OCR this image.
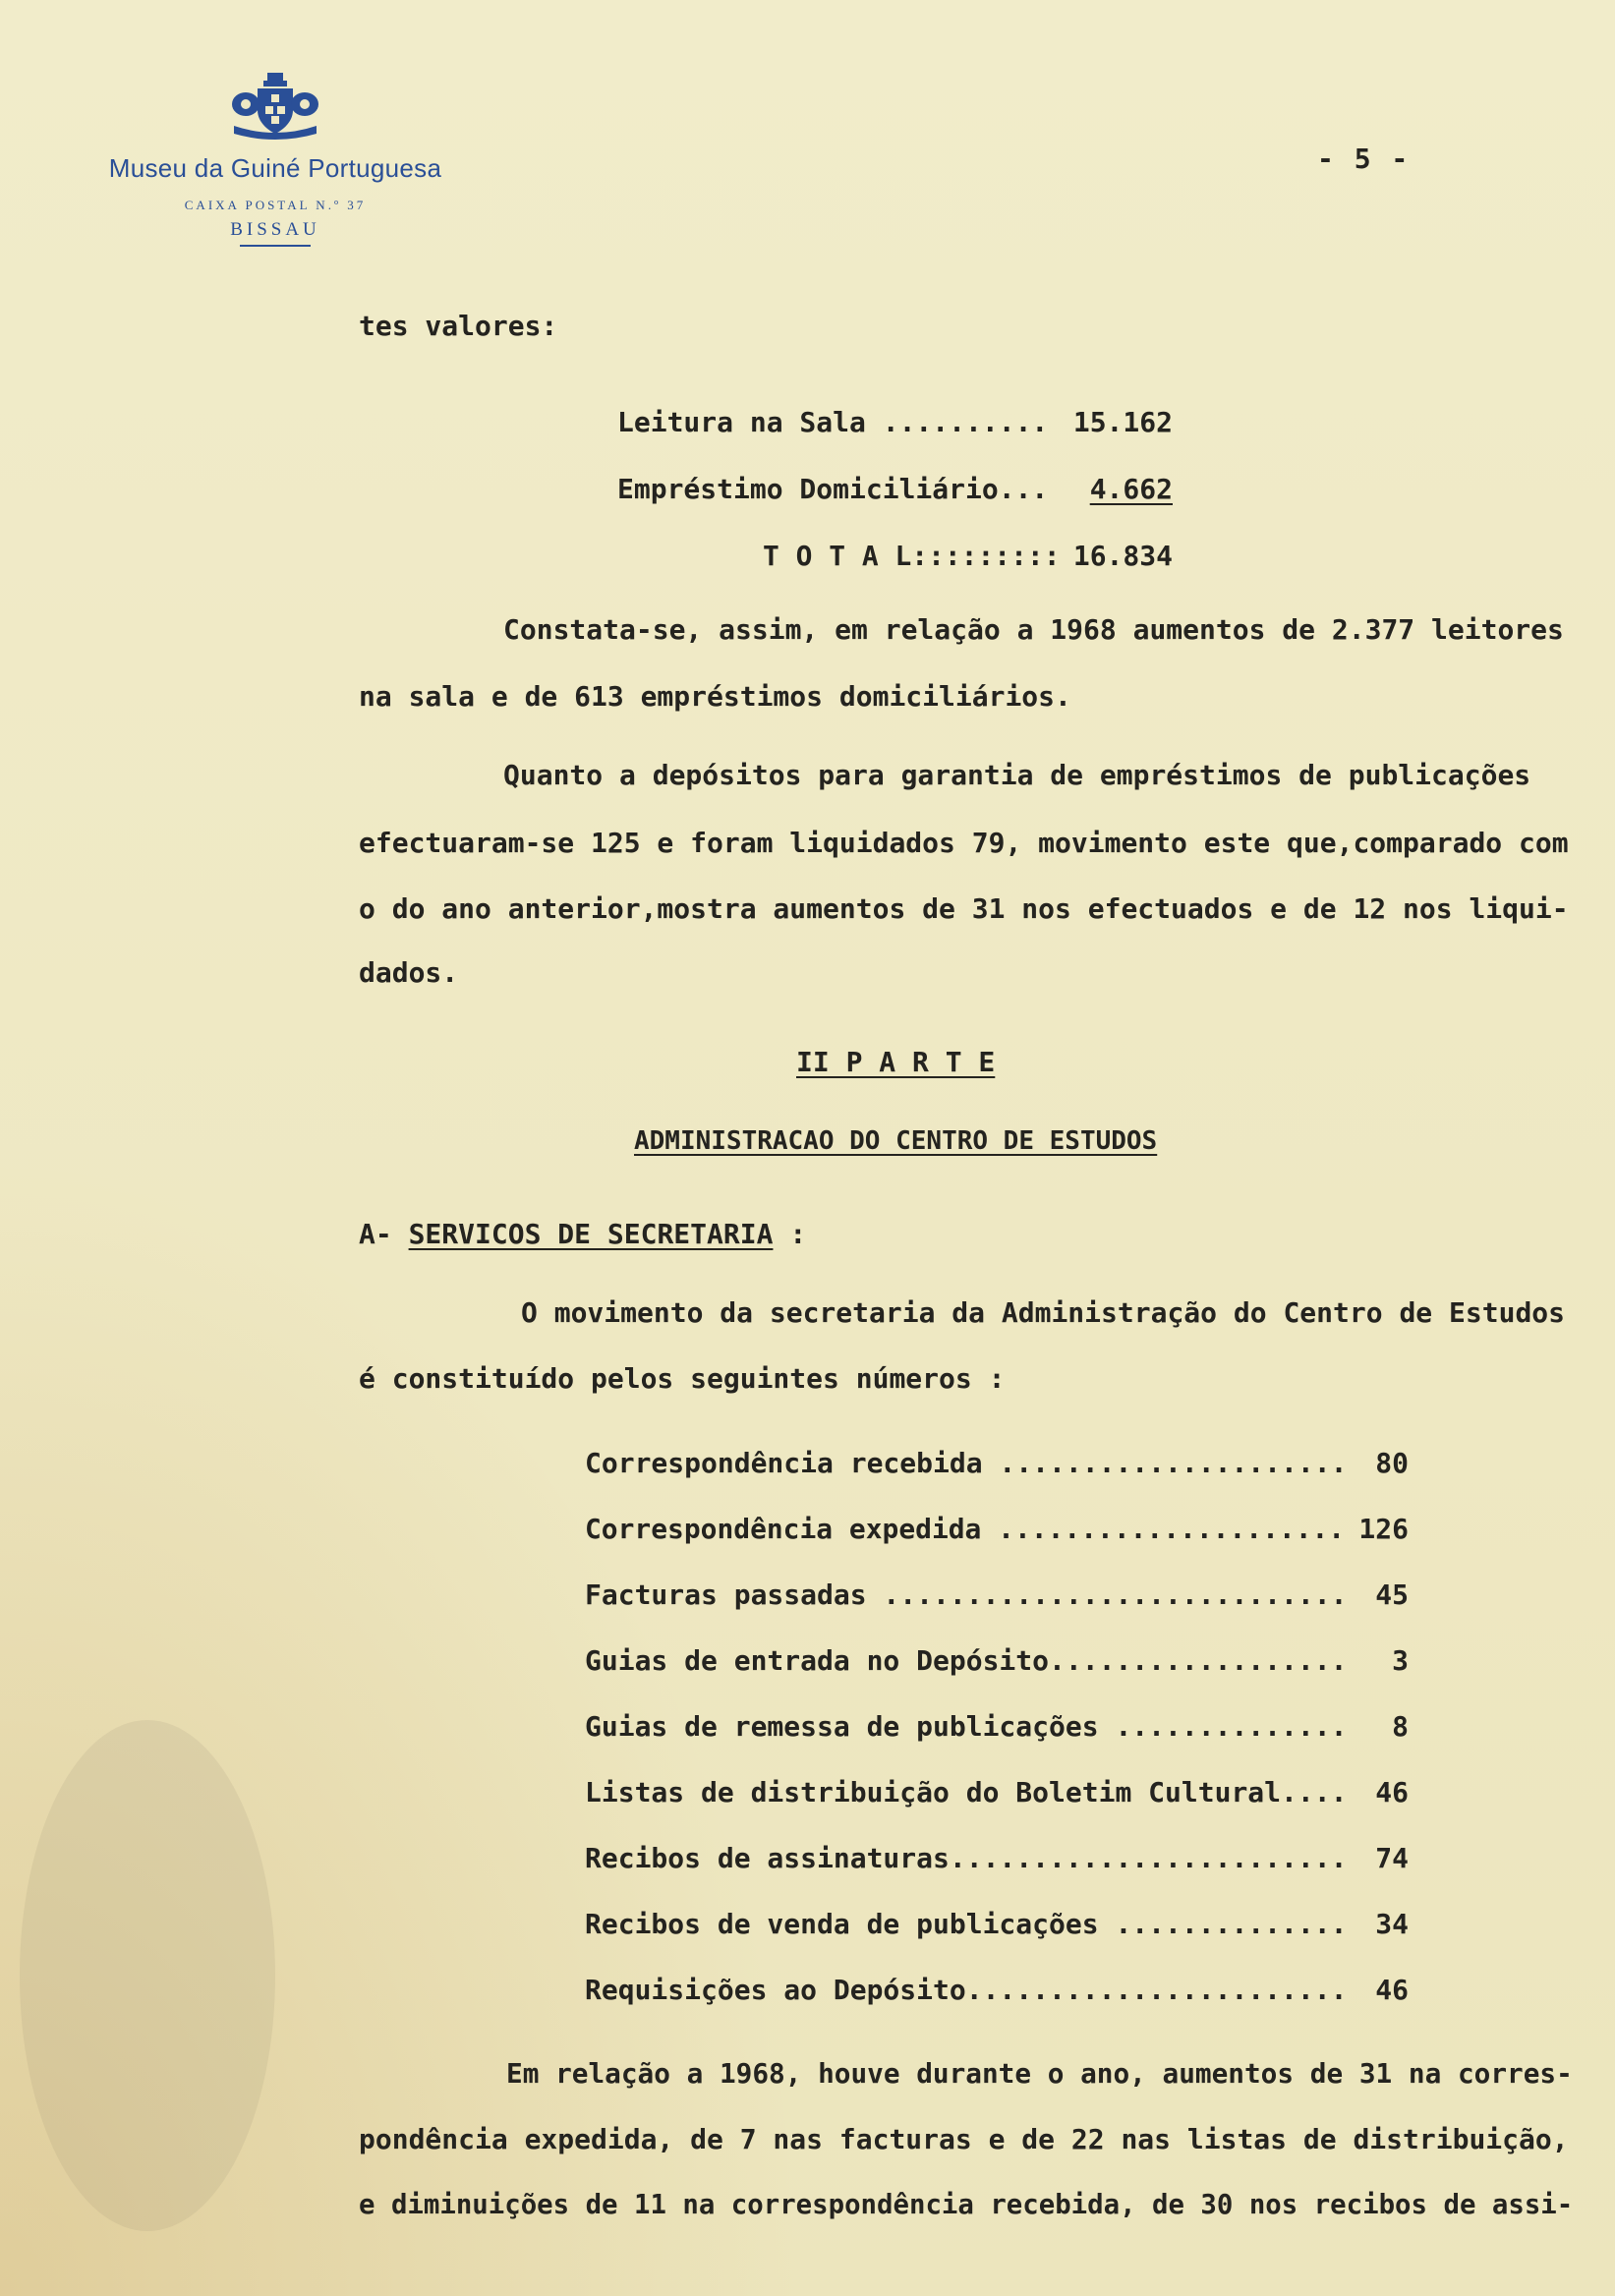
Museu da Guiné Portuguesa
CAIXA POSTAL N.º 37
BISSAU
- 5 -
tes valores:
Leitura na Sala .......... 15.162
Empréstimo Domiciliário... 4.662
T O T A L::::::::: 16.834
Constata-se, assim, em relação a 1968 aumentos de 2.377 leitores
na sala e de 613 empréstimos domiciliários.
Quanto a depósitos para garantia de empréstimos de publicações
efectuaram-se 125 e foram liquidados 79, movimento este que,comparado com
o do ano anterior,mostra aumentos de 31 nos efectuados e de 12 nos liqui-
dados.
II P A R T E
ADMINISTRACAO DO CENTRO DE ESTUDOS
A- SERVICOS DE SECRETARIA :
O movimento da secretaria da Administração do Centro de Estudos
é constituído pelos seguintes números :
Correspondência recebida ..................... 80
Correspondência expedida ..................... 126
Facturas passadas ............................ 45
Guias de entrada no Depósito.................. 3
Guias de remessa de publicações .............. 8
Listas de distribuição do Boletim Cultural.... 46
Recibos de assinaturas........................ 74
Recibos de venda de publicações .............. 34
Requisições ao Depósito....................... 46
Em relação a 1968, houve durante o ano, aumentos de 31 na corres-
pondência expedida, de 7 nas facturas e de 22 nas listas de distribuição,
e diminuições de 11 na correspondência recebida, de 30 nos recibos de assi-
